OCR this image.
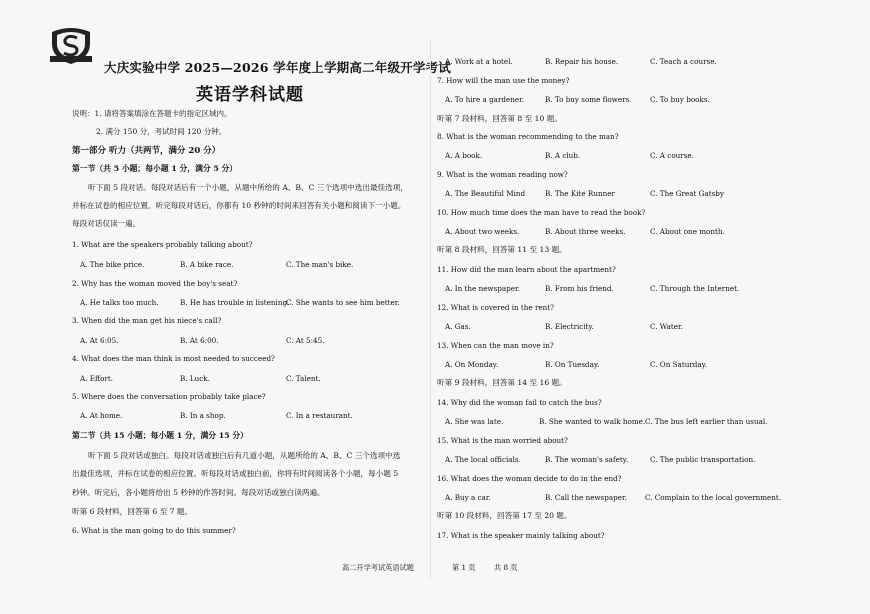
大庆实验中学 2025—2026 学年度上学期高二年级开学考试
英语学科试题
说明：1. 请将答案填涂在答题卡的指定区域内。
2. 满分 150 分，考试时间 120 分钟。
第一部分 听力（共两节，满分 20 分）
第一节（共 5 小题；每小题 1 分，满分 5 分）
听下面 5 段对话。每段对话后有一个小题，从题中所给的 A、B、C 三个选项中选出最佳选项，
并标在试卷的相应位置。听完每段对话后，你都有 10 秒钟的时间来回答有关小题和阅读下一小题。
每段对话仅读一遍。
1. What are the speakers probably talking about?
A. The bike price.	B. A bike race.	C. The man's bike.
2. Why has the woman moved the boy's seat?
A. He talks too much.	B. He has trouble in listening.
C. She wants to see him better.
3. When did the man get his niece's call?
A. At 6:05.	B. At 6:00.	C. At 5:45.
4. What does the man think is most needed to succeed?
A. Effort.	B. Luck.	C. Talent.
5. Where does the conversation probably take place?
A. At home.	B. In a shop.	C. In a restaurant.
第二节（共 15 小题；每小题 1 分，满分 15 分）
听下面 5 段对话或独白。每段对话或独白后有几道小题，从题所给的 A、B、C 三个选项中选
出最佳选项，并标在试卷的相应位置。听每段对话或独白前，你将有时间阅读各个小题，每小题 5
秒钟。听完后，各小题将给出 5 秒钟的作答时间。每段对话或独白读两遍。
听第 6 段材料，回答第 6 至 7 题。
6. What is the man going to do this summer?
A. Work at a hotel.	B. Repair his house.	C. Teach a course.
7. How will the man use the money?
A. To hire a gardener.	B. To buy some flowers.	C. To buy books.
听第 7 段材料，回答第 8 至 10 题。
8. What is the woman recommending to the man?
A. A book.	B. A club.	C. A course.
9. What is the woman reading now?
A. The Beautiful Mind	B. The Kite Runner	C. The Great Gatsby
10. How much time does the man have to read the book?
A. About two weeks.	B. About three weeks.	C. About one month.
听第 8 段材料，回答第 11 至 13 题。
11. How did the man learn about the apartment?
A. In the newspaper.	B. From his friend.	C. Through the Internet.
12. What is covered in the rent?
A. Gas.	B. Electricity.	C. Water.
13. When can the man move in?
A. On Monday.	B. On Tuesday.	C. On Saturday.
听第 9 段材料，回答第 14 至 16 题。
14. Why did the woman fail to catch the bus?
A. She was late.	B. She wanted to walk home. C. The bus left earlier than usual.
15. What is the man worried about?
A. The local officials.	B. The woman's safety.	C. The public transportation.
16. What does the woman decide to do in the end?
A. Buy a car.	B. Call the newspaper.	C. Complain to the local government.
听第 10 段材料，回答第 17 至 20 题。
17. What is the speaker mainly talking about?
高二开学考试英语试题	第 1 页	共 8 页
